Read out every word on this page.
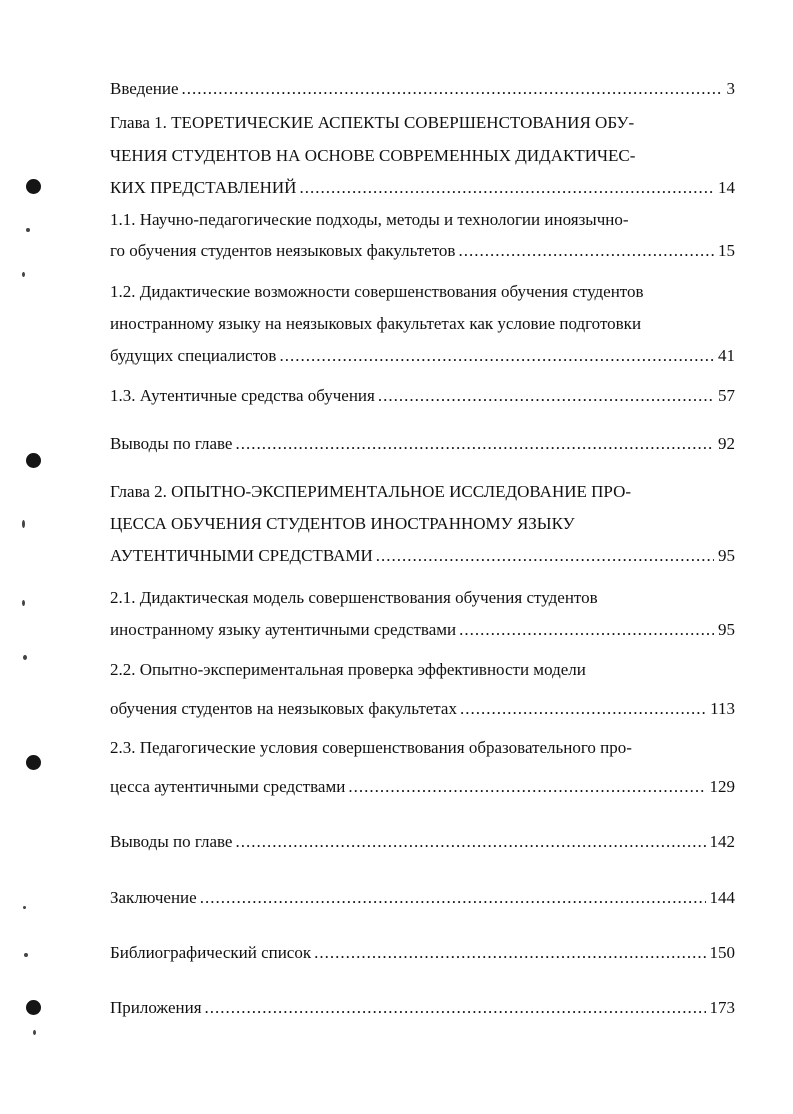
Введение .....	3
Глава 1. ТЕОРЕТИЧЕСКИЕ АСПЕКТЫ СОВЕРШЕНСТОВАНИЯ ОБУ-
ЧЕНИЯ СТУДЕНТОВ НА ОСНОВЕ СОВРЕМЕННЫХ ДИДАКТИЧЕС-
КИХ ПРЕДСТАВЛЕНИЙ .....	14
1.1. Научно-педагогические подходы, методы и технологии иноязычно-
го обучения студентов неязыковых факультетов .....	15
1.2. Дидактические возможности совершенствования обучения студентов
иностранному языку на неязыковых факультетах как условие подготовки
будущих специалистов .....	41
1.3. Аутентичные средства обучения .....	57
Выводы по главе .....	92
Глава 2. ОПЫТНО-ЭКСПЕРИМЕНТАЛЬНОЕ ИССЛЕДОВАНИЕ ПРО-
ЦЕССА ОБУЧЕНИЯ СТУДЕНТОВ ИНОСТРАННОМУ ЯЗЫКУ
АУТЕНТИЧНЫМИ СРЕДСТВАМИ .....	95
2.1. Дидактическая модель совершенствования обучения студентов
иностранному языку аутентичными средствами .....	95
2.2. Опытно-экспериментальная проверка эффективности модели
обучения студентов на неязыковых факультетах .....	113
2.3. Педагогические условия совершенствования образовательного про-
цесса аутентичными средствами .....	129
Выводы по главе .....	142
Заключение .....	144
Библиографический список .....	150
Приложения .....	173
